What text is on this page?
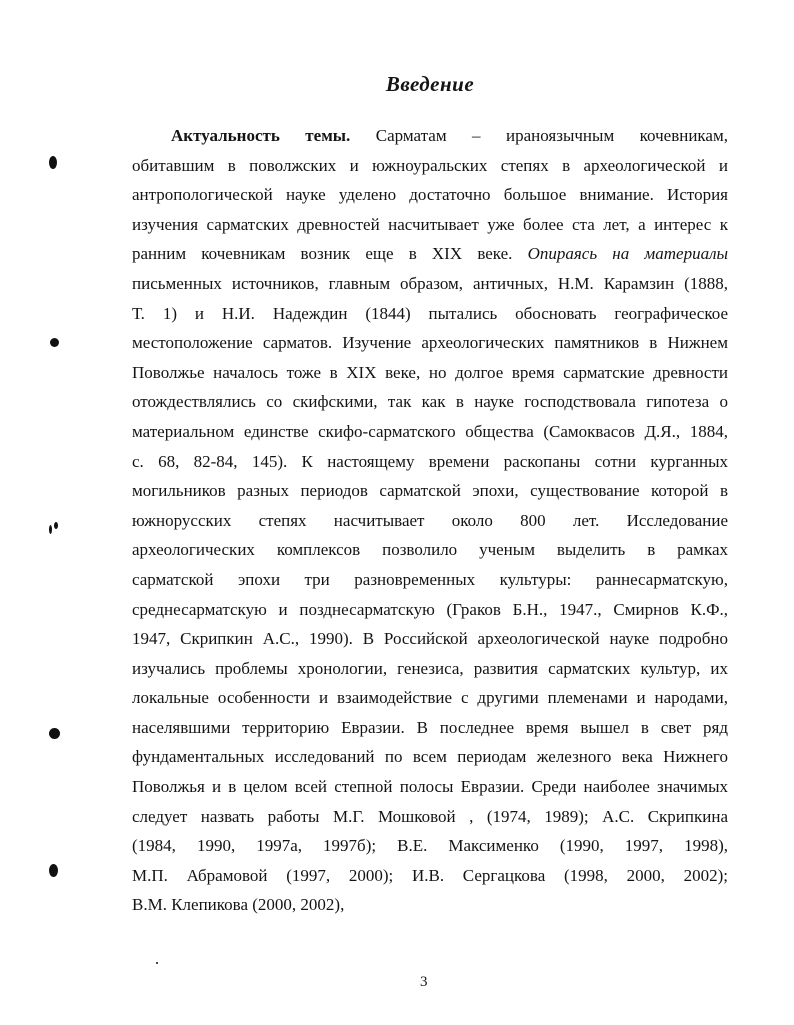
Введение
Актуальность темы. Сарматам – ираноязычным кочевникам,
обитавшим в поволжских и южноуральских степях в археологической и
антропологической науке уделено достаточно большое внимание. История
изучения сарматских древностей насчитывает уже более ста лет, а интерес к
ранним кочевникам возник еще в XIX веке. Опираясь на материалы
письменных источников, главным образом, античных, Н.М. Карамзин (1888,
Т. 1) и Н.И. Надеждин (1844) пытались обосновать географическое
местоположение сарматов. Изучение археологических памятников в Нижнем
Поволжье началось тоже в XIX веке, но долгое время сарматские древности
отождествлялись со скифскими, так как в науке господствовала гипотеза о
материальном единстве скифо-сарматского общества (Самоквасов Д.Я., 1884,
с. 68, 82-84, 145). К настоящему времени раскопаны сотни курганных
могильников разных периодов сарматской эпохи, существование которой в
южнорусских степях насчитывает около 800 лет. Исследование
археологических комплексов позволило ученым выделить в рамках
сарматской эпохи три разновременных культуры: раннесарматскую,
среднесарматскую и позднесарматскую (Граков Б.Н., 1947., Смирнов К.Ф.,
1947, Скрипкин А.С., 1990). В Российской археологической науке подробно
изучались проблемы хронологии, генезиса, развития сарматских культур, их
локальные особенности и взаимодействие с другими племенами и народами,
населявшими территорию Евразии. В последнее время вышел в свет ряд
фундаментальных исследований по всем периодам железного века Нижнего
Поволжья и в целом всей степной полосы Евразии. Среди наиболее значимых
следует назвать работы М.Г. Мошковой , (1974, 1989); А.С. Скрипкина
(1984, 1990, 1997а, 1997б); В.Е. Максименко (1990, 1997, 1998),
М.П. Абрамовой (1997, 2000); И.В. Сергацкова (1998, 2000, 2002);
В.М. Клепикова (2000, 2002),
3
